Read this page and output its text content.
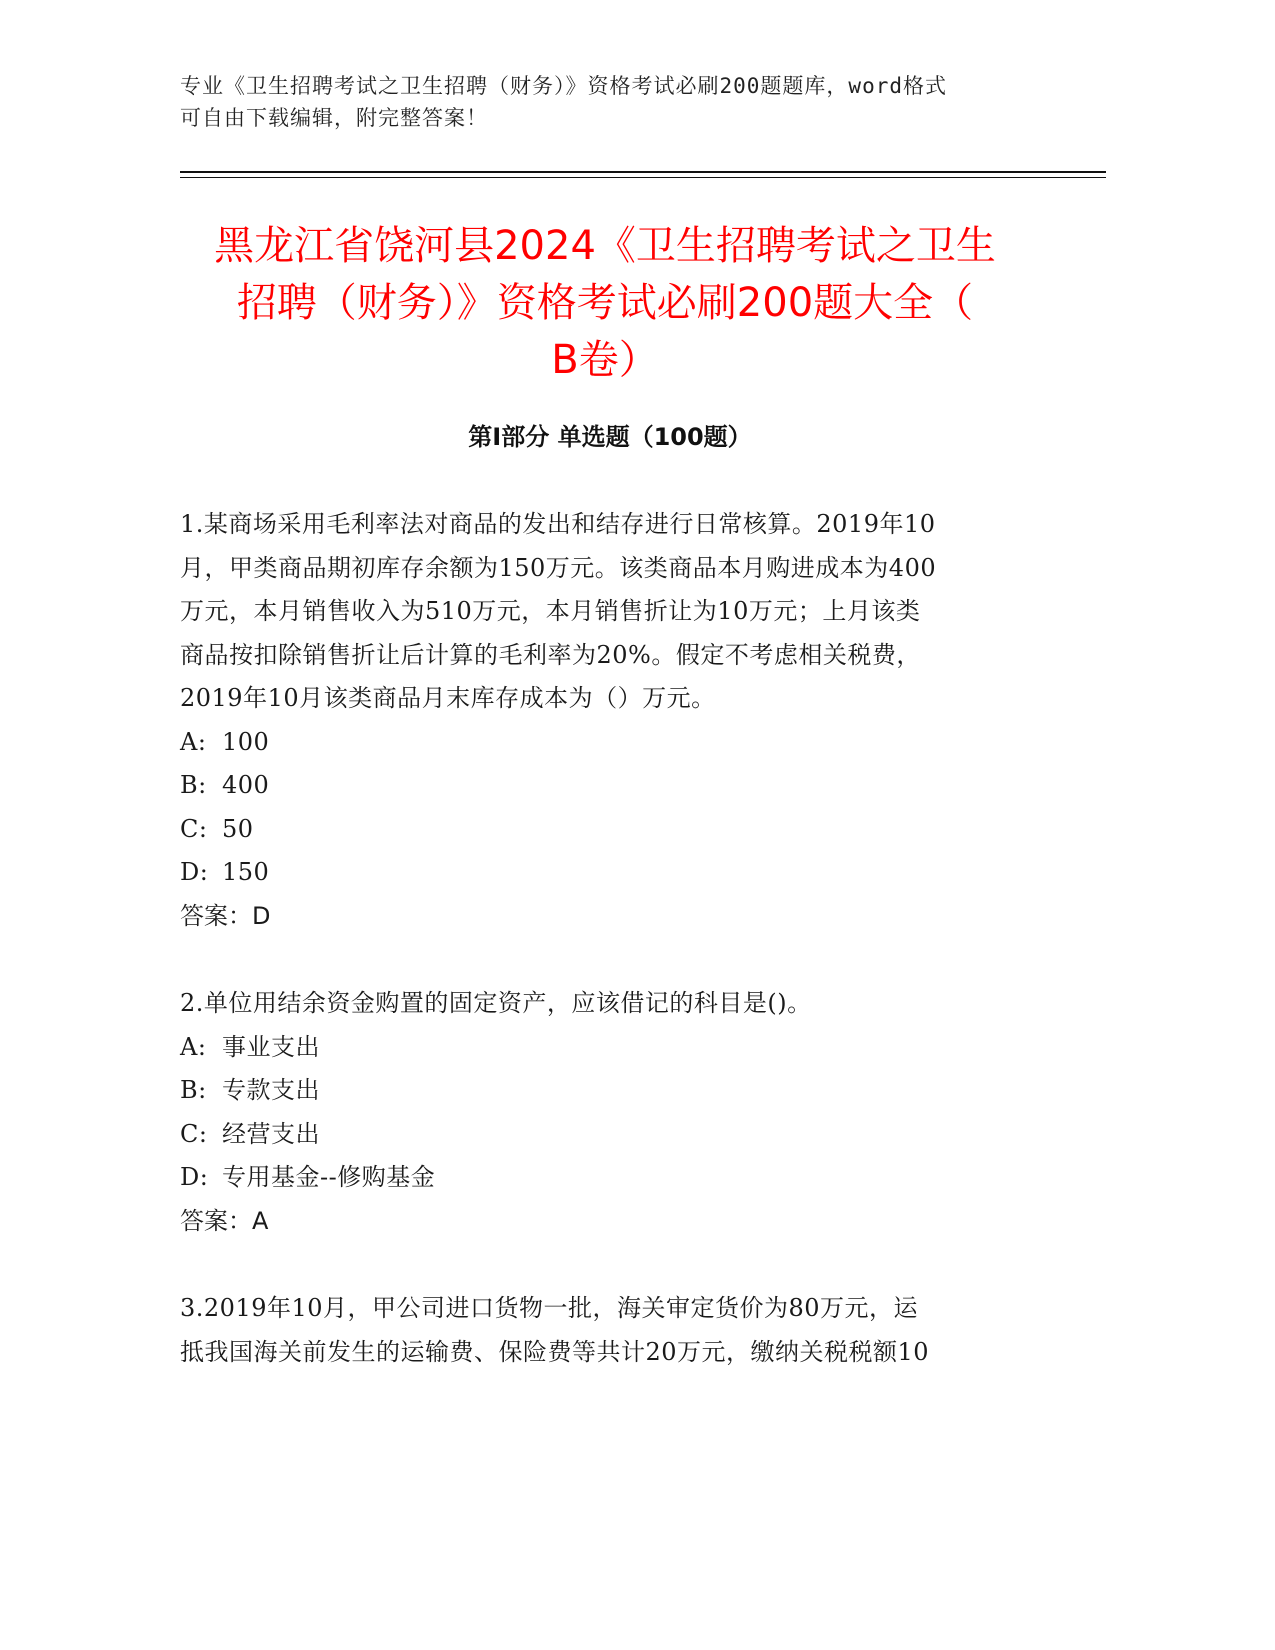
专业《卫生招聘考试之卫生招聘（财务）》资格考试必刷200题题库，word格式
可自由下载编辑，附完整答案！
黑龙江省饶河县2024《卫生招聘考试之卫生
招聘（财务）》资格考试必刷200题大全（
B卷）
第Ⅰ部分 单选题（100题）

1.某商场采用毛利率法对商品的发出和结存进行日常核算。2019年10

月，甲类商品期初库存余额为150万元。该类商品本月购进成本为400

万元，本月销售收入为510万元，本月销售折让为10万元；上月该类

商品按扣除销售折让后计算的毛利率为20%。假定不考虑相关税费，

2019年10月该类商品月末库存成本为（）万元。

A: 100

B: 400

C: 50

D: 150

答案：D

2.单位用结余资金购置的固定资产，应该借记的科目是()。

A: 事业支出

B: 专款支出

C: 经营支出

D: 专用基金--修购基金

答案：A

3.2019年10月，甲公司进口货物一批，海关审定货价为80万元，运

抵我国海关前发生的运输费、保险费等共计20万元，缴纳关税税额10
